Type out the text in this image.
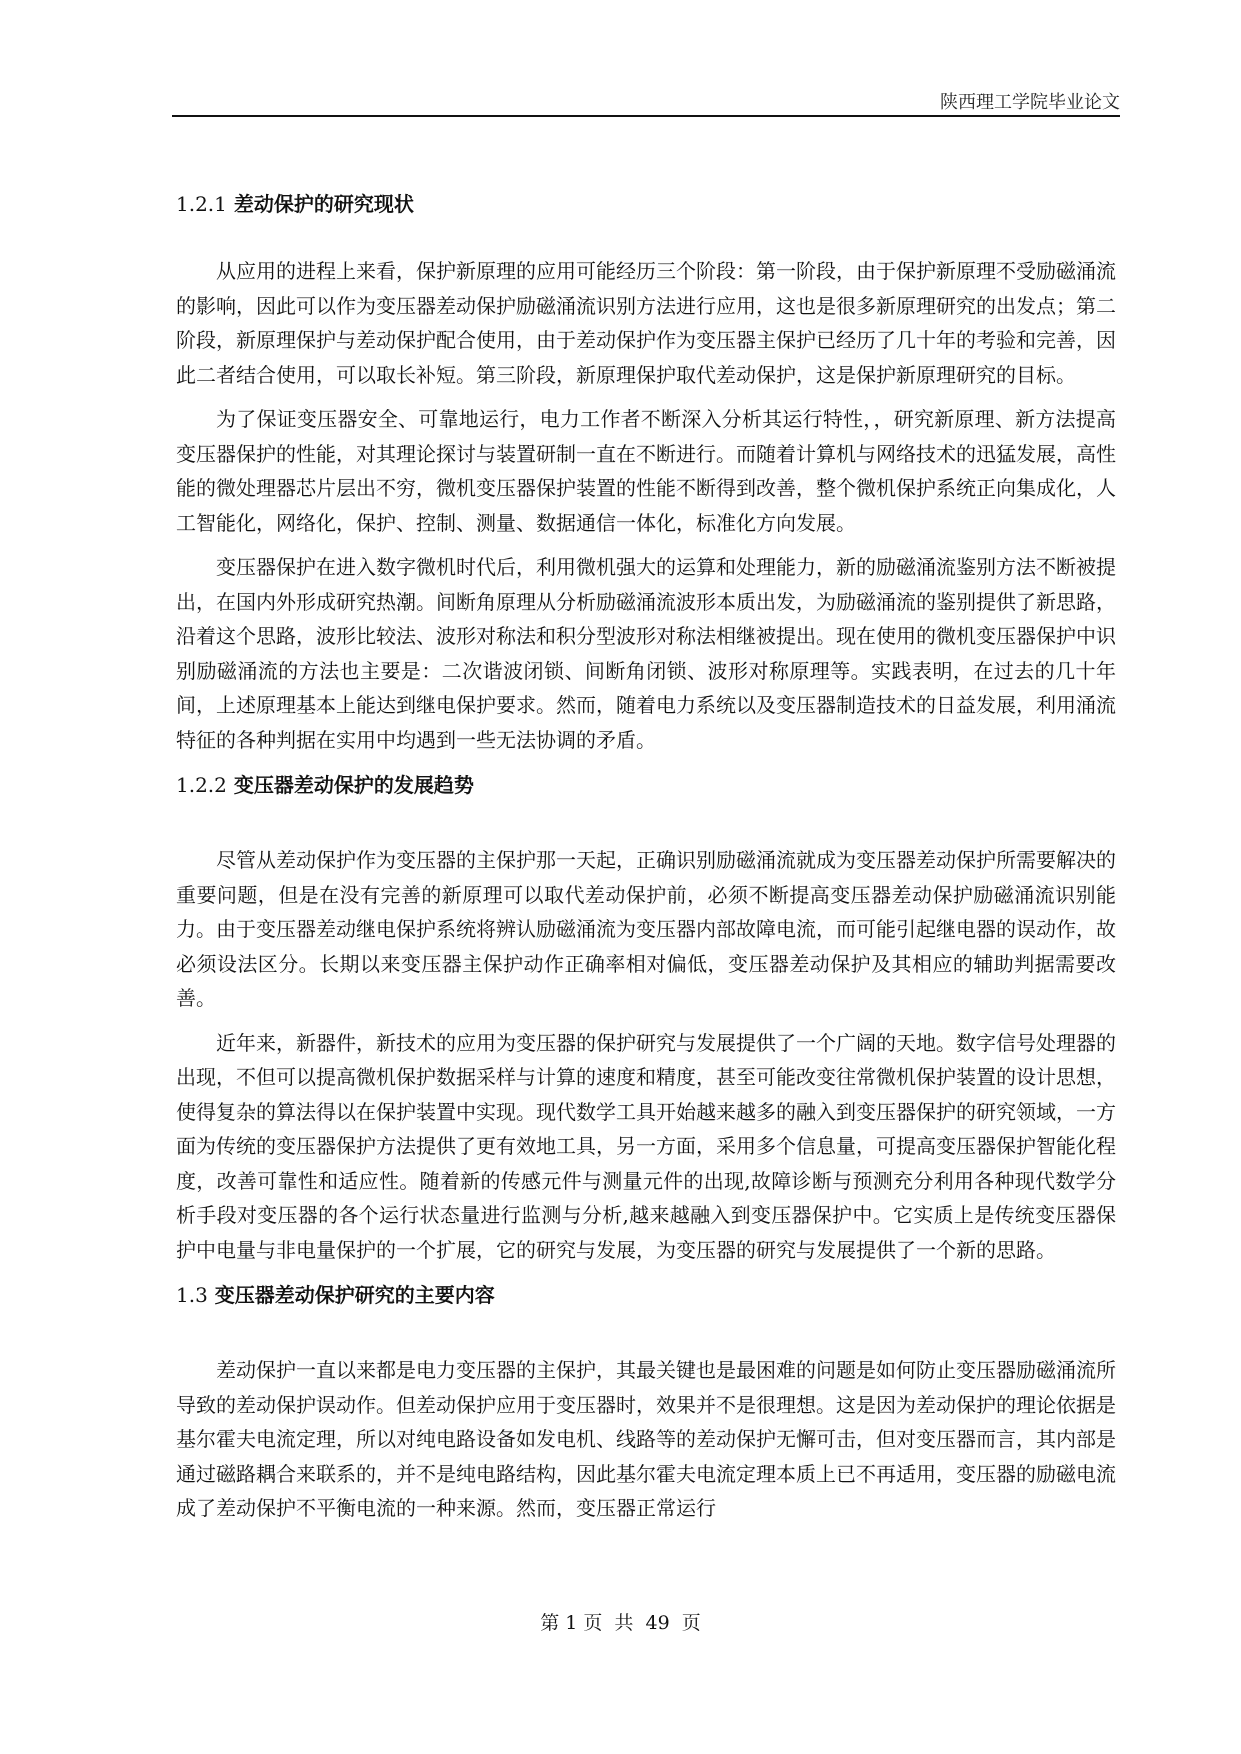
陕西理工学院毕业论文
1.2.1 差动保护的研究现状

从应用的进程上来看，保护新原理的应用可能经历三个阶段：第一阶段，由于保护新原理不受励磁涌流的影响，因此可以作为变压器差动保护励磁涌流识别方法进行应用，这也是很多新原理研究的出发点；第二阶段，新原理保护与差动保护配合使用，由于差动保护作为变压器主保护已经历了几十年的考验和完善，因此二者结合使用，可以取长补短。第三阶段，新原理保护取代差动保护，这是保护新原理研究的目标。

为了保证变压器安全、可靠地运行，电力工作者不断深入分析其运行特性，，研究新原理、新方法提高变压器保护的性能，对其理论探讨与装置研制一直在不断进行。而随着计算机与网络技术的迅猛发展，高性能的微处理器芯片层出不穷，微机变压器保护装置的性能不断得到改善，整个微机保护系统正向集成化，人工智能化，网络化，保护、控制、测量、数据通信一体化，标准化方向发展。

变压器保护在进入数字微机时代后，利用微机强大的运算和处理能力，新的励磁涌流鉴别方法不断被提出，在国内外形成研究热潮。间断角原理从分析励磁涌流波形本质出发，为励磁涌流的鉴别提供了新思路，沿着这个思路，波形比较法、波形对称法和积分型波形对称法相继被提出。现在使用的微机变压器保护中识别励磁涌流的方法也主要是：二次谐波闭锁、间断角闭锁、波形对称原理等。实践表明，在过去的几十年间，上述原理基本上能达到继电保护要求。然而，随着电力系统以及变压器制造技术的日益发展，利用涌流特征的各种判据在实用中均遇到一些无法协调的矛盾。

1.2.2 变压器差动保护的发展趋势

尽管从差动保护作为变压器的主保护那一天起，正确识别励磁涌流就成为变压器差动保护所需要解决的重要问题，但是在没有完善的新原理可以取代差动保护前，必须不断提高变压器差动保护励磁涌流识别能力。由于变压器差动继电保护系统将辨认励磁涌流为变压器内部故障电流，而可能引起继电器的误动作，故必须设法区分。长期以来变压器主保护动作正确率相对偏低，变压器差动保护及其相应的辅助判据需要改善。

近年来，新器件，新技术的应用为变压器的保护研究与发展提供了一个广阔的天地。数字信号处理器的出现，不但可以提高微机保护数据采样与计算的速度和精度，甚至可能改变往常微机保护装置的设计思想，使得复杂的算法得以在保护装置中实现。现代数学工具开始越来越多的融入到变压器保护的研究领域，一方面为传统的变压器保护方法提供了更有效地工具，另一方面，采用多个信息量，可提高变压器保护智能化程度，改善可靠性和适应性。随着新的传感元件与测量元件的出现,故障诊断与预测充分利用各种现代数学分析手段对变压器的各个运行状态量进行监测与分析,越来越融入到变压器保护中。它实质上是传统变压器保护中电量与非电量保护的一个扩展，它的研究与发展，为变压器的研究与发展提供了一个新的思路。

1.3 变压器差动保护研究的主要内容

差动保护一直以来都是电力变压器的主保护，其最关键也是最困难的问题是如何防止变压器励磁涌流所导致的差动保护误动作。但差动保护应用于变压器时，效果并不是很理想。这是因为差动保护的理论依据是基尔霍夫电流定理，所以对纯电路设备如发电机、线路等的差动保护无懈可击，但对变压器而言，其内部是通过磁路耦合来联系的，并不是纯电路结构，因此基尔霍夫电流定理本质上已不再适用，变压器的励磁电流成了差动保护不平衡电流的一种来源。然而，变压器正常运行

第 1 页 共 49 页
